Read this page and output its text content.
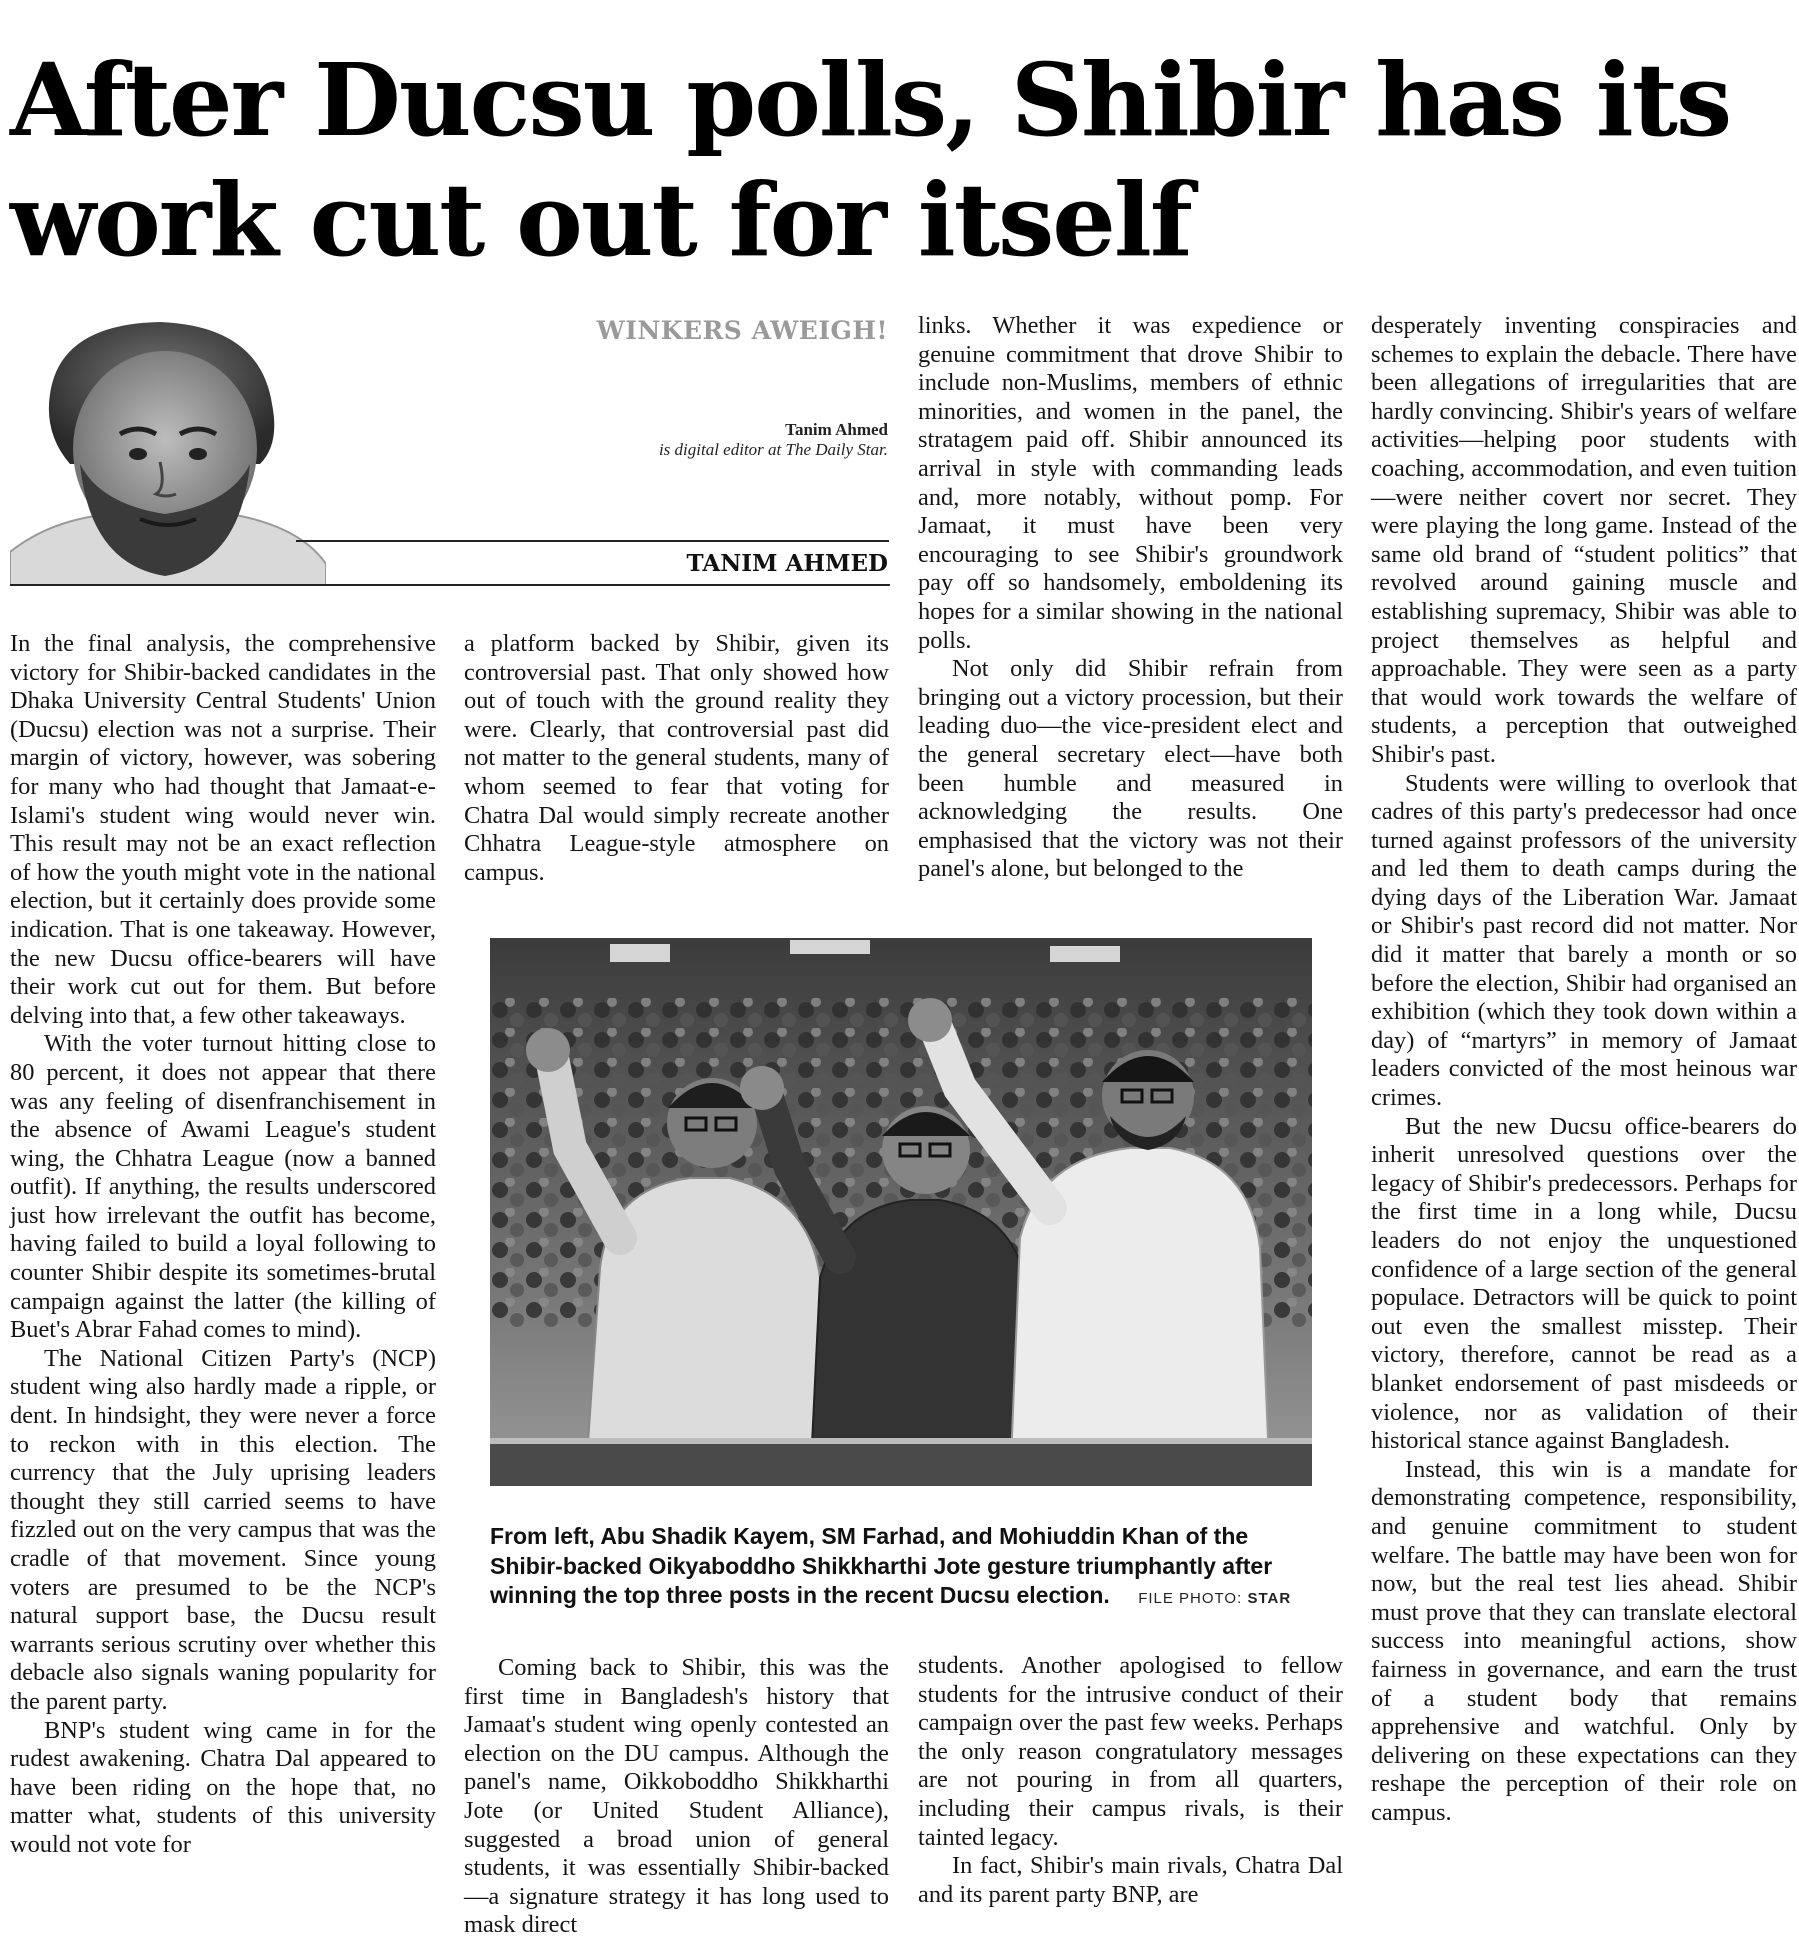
After Ducsu polls, Shibir has its work cut out for itself
WINKERS AWEIGH!
Tanim Ahmed
is digital editor at The Daily Star.
TANIM AHMED

In the final analysis, the comprehensive victory for Shibir-backed candidates in the Dhaka University Central Students' Union (Ducsu) election was not a surprise. Their margin of victory, however, was sobering for many who had thought that Jamaat-e-Islami's student wing would never win. This result may not be an exact reflection of how the youth might vote in the national election, but it certainly does provide some indication. That is one takeaway. However, the new Ducsu office-bearers will have their work cut out for them. But before delving into that, a few other takeaways.

With the voter turnout hitting close to 80 percent, it does not appear that there was any feeling of disenfranchisement in the absence of Awami League's student wing, the Chhatra League (now a banned outfit). If anything, the results underscored just how irrelevant the outfit has become, having failed to build a loyal following to counter Shibir despite its sometimes-brutal campaign against the latter (the killing of Buet's Abrar Fahad comes to mind).

The National Citizen Party's (NCP) student wing also hardly made a ripple, or dent. In hindsight, they were never a force to reckon with in this election. The currency that the July uprising leaders thought they still carried seems to have fizzled out on the very campus that was the cradle of that movement. Since young voters are presumed to be the NCP's natural support base, the Ducsu result warrants serious scrutiny over whether this debacle also signals waning popularity for the parent party.

BNP's student wing came in for the rudest awakening. Chatra Dal appeared to have been riding on the hope that, no matter what, students of this university would not vote for

a platform backed by Shibir, given its controversial past. That only showed how out of touch with the ground reality they were. Clearly, that controversial past did not matter to the general students, many of whom seemed to fear that voting for Chatra Dal would simply recreate another Chhatra League-style atmosphere on campus.

Coming back to Shibir, this was the first time in Bangladesh's history that Jamaat's student wing openly contested an election on the DU campus. Although the panel's name, Oikkoboddho Shikkharthi Jote (or United Student Alliance), suggested a broad union of general students, it was essentially Shibir-backed—a signature strategy it has long used to mask direct

links. Whether it was expedience or genuine commitment that drove Shibir to include non-Muslims, members of ethnic minorities, and women in the panel, the stratagem paid off. Shibir announced its arrival in style with commanding leads and, more notably, without pomp. For Jamaat, it must have been very encouraging to see Shibir's groundwork pay off so handsomely, emboldening its hopes for a similar showing in the national polls.

Not only did Shibir refrain from bringing out a victory procession, but their leading duo—the vice-president elect and the general secretary elect—have both been humble and measured in acknowledging the results. One emphasised that the victory was not their panel's alone, but belonged to the

students. Another apologised to fellow students for the intrusive conduct of their campaign over the past few weeks. Perhaps the only reason congratulatory messages are not pouring in from all quarters, including their campus rivals, is their tainted legacy.

In fact, Shibir's main rivals, Chatra Dal and its parent party BNP, are

desperately inventing conspiracies and schemes to explain the debacle. There have been allegations of irregularities that are hardly convincing. Shibir's years of welfare activities—helping poor students with coaching, accommodation, and even tuition—were neither covert nor secret. They were playing the long game. Instead of the same old brand of “student politics” that revolved around gaining muscle and establishing supremacy, Shibir was able to project themselves as helpful and approachable. They were seen as a party that would work towards the welfare of students, a perception that outweighed Shibir's past.

Students were willing to overlook that cadres of this party's predecessor had once turned against professors of the university and led them to death camps during the dying days of the Liberation War. Jamaat or Shibir's past record did not matter. Nor did it matter that barely a month or so before the election, Shibir had organised an exhibition (which they took down within a day) of “martyrs” in memory of Jamaat leaders convicted of the most heinous war crimes.

But the new Ducsu office-bearers do inherit unresolved questions over the legacy of Shibir's predecessors. Perhaps for the first time in a long while, Ducsu leaders do not enjoy the unquestioned confidence of a large section of the general populace. Detractors will be quick to point out even the smallest misstep. Their victory, therefore, cannot be read as a blanket endorsement of past misdeeds or violence, nor as validation of their historical stance against Bangladesh.

Instead, this win is a mandate for demonstrating competence, responsibility, and genuine commitment to student welfare. The battle may have been won for now, but the real test lies ahead. Shibir must prove that they can translate electoral success into meaningful actions, show fairness in governance, and earn the trust of a student body that remains apprehensive and watchful. Only by delivering on these expectations can they reshape the perception of their role on campus.

From left, Abu Shadik Kayem, SM Farhad, and Mohiuddin Khan of the Shibir-backed Oikyaboddho Shikkharthi Jote gesture triumphantly after winning the top three posts in the recent Ducsu election. FILE PHOTO: STAR
